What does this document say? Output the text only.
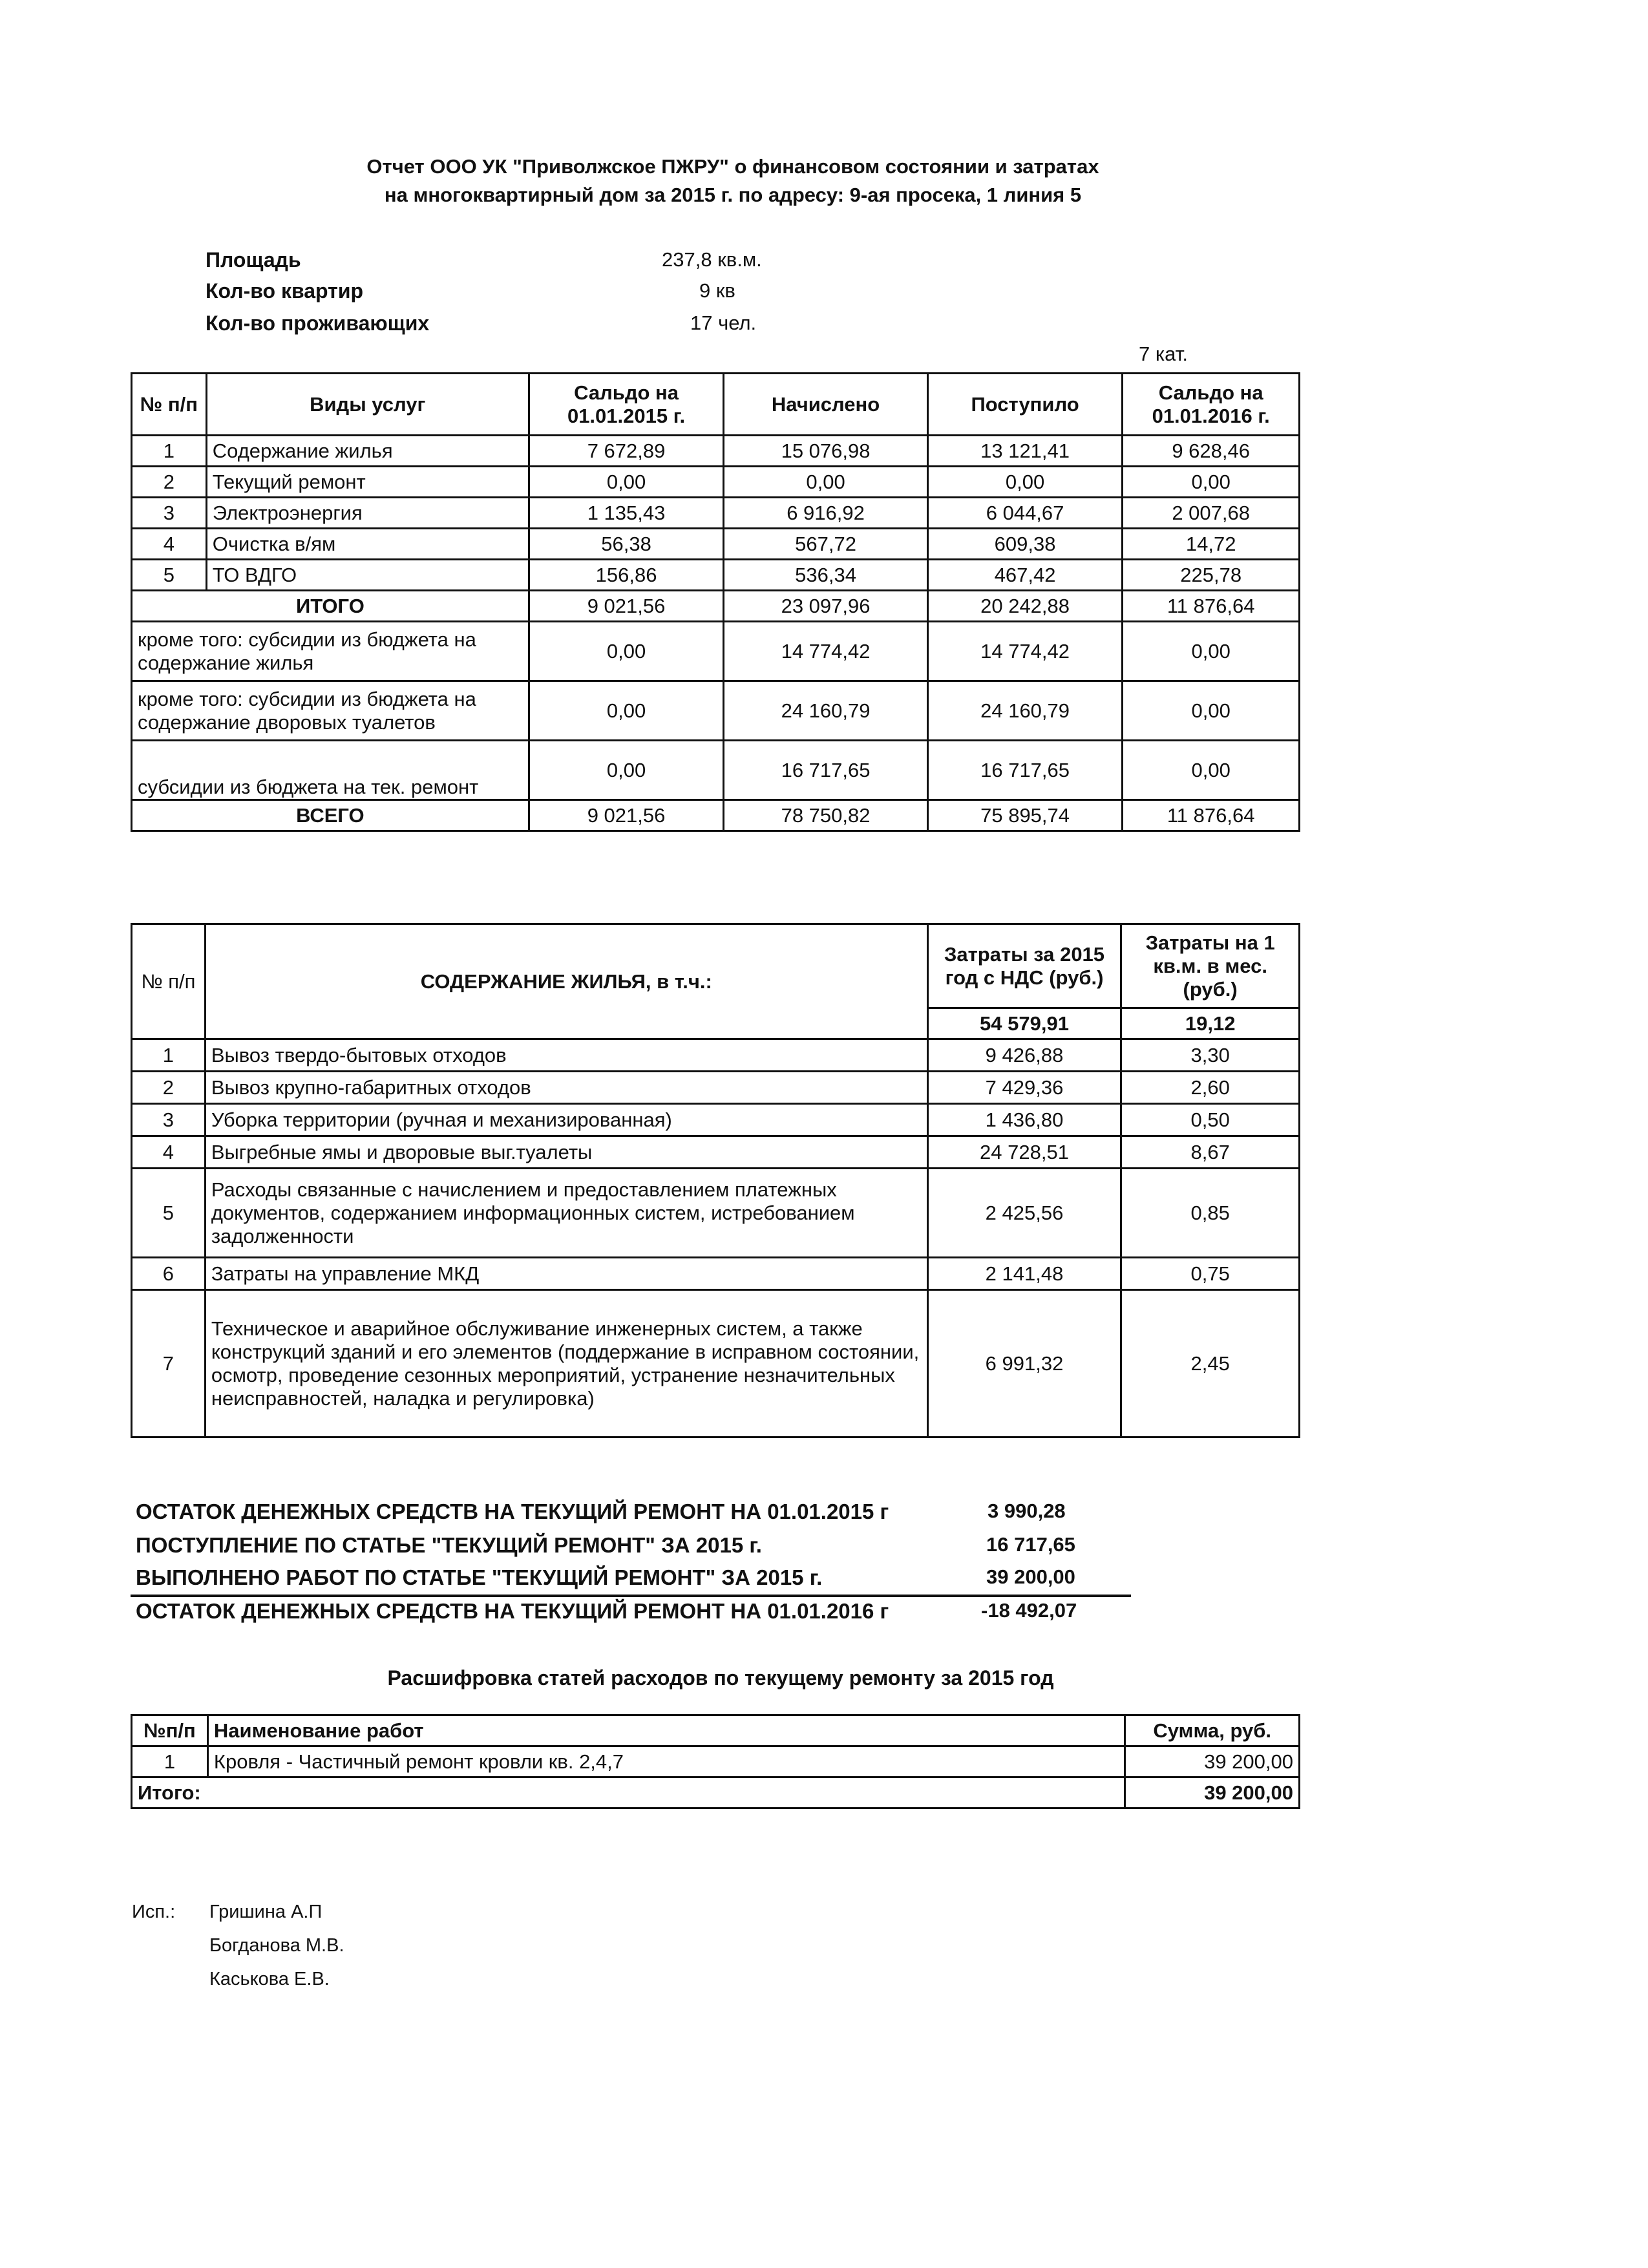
Отчет ООО УК "Приволжское ПЖРУ" о финансовом состоянии и затратах
на многоквартирный дом за 2015 г. по адресу: 9-ая просека, 1 линия 5
Площадь	237,8 кв.м.
Кол-во квартир	9 кв
Кол-во проживающих	17 чел.
7 кат.
№ п/п	Виды услуг	Сальдо на 01.01.2015 г.	Начислено	Поступило	Сальдо на 01.01.2016 г.
1	Содержание жилья	7 672,89	15 076,98	13 121,41	9 628,46
2	Текущий ремонт	0,00	0,00	0,00	0,00
3	Электроэнергия	1 135,43	6 916,92	6 044,67	2 007,68
4	Очистка в/ям	56,38	567,72	609,38	14,72
5	ТО ВДГО	156,86	536,34	467,42	225,78
ИТОГО		9 021,56	23 097,96	20 242,88	11 876,64
кроме того: субсидии из бюджета на содержание жилья		0,00	14 774,42	14 774,42	0,00
кроме того: субсидии из бюджета на содержание дворовых туалетов		0,00	24 160,79	24 160,79	0,00
субсидии из бюджета на тек. ремонт		0,00	16 717,65	16 717,65	0,00
ВСЕГО		9 021,56	78 750,82	75 895,74	11 876,64
№ п/п	СОДЕРЖАНИЕ ЖИЛЬЯ, в т.ч.:	Затраты за 2015 год с НДС (руб.)	Затраты на 1 кв.м. в мес. (руб.)
		54 579,91	19,12
1	Вывоз твердо-бытовых отходов	9 426,88	3,30
2	Вывоз крупно-габаритных отходов	7 429,36	2,60
3	Уборка территории (ручная и механизированная)	1 436,80	0,50
4	Выгребные ямы и дворовые выг.туалеты	24 728,51	8,67
5	Расходы связанные с начислением и предоставлением платежных документов, содержанием информационных систем, истребованием задолженности	2 425,56	0,85
6	Затраты на управление МКД	2 141,48	0,75
7	Техническое и аварийное обслуживание инженерных систем, а также конструкций зданий и его элементов (поддержание в исправном состоянии, осмотр, проведение сезонных мероприятий, устранение незначительных неисправностей, наладка и регулировка)	6 991,32	2,45
ОСТАТОК ДЕНЕЖНЫХ СРЕДСТВ НА ТЕКУЩИЙ РЕМОНТ НА 01.01.2015 г	3 990,28
ПОСТУПЛЕНИЕ ПО СТАТЬЕ "ТЕКУЩИЙ РЕМОНТ" ЗА 2015 г.	16 717,65
ВЫПОЛНЕНО РАБОТ ПО СТАТЬЕ "ТЕКУЩИЙ РЕМОНТ" ЗА 2015 г.	39 200,00
ОСТАТОК ДЕНЕЖНЫХ СРЕДСТВ НА ТЕКУЩИЙ РЕМОНТ НА 01.01.2016 г	-18 492,07
Расшифровка статей расходов по текущему ремонту за 2015 год
№п/п	Наименование работ	Сумма, руб.
1	Кровля - Частичный ремонт кровли кв. 2,4,7	39 200,00
Итого:		39 200,00
Исп.: Гришина А.П
Богданова М.В.
Каськова Е.В.
